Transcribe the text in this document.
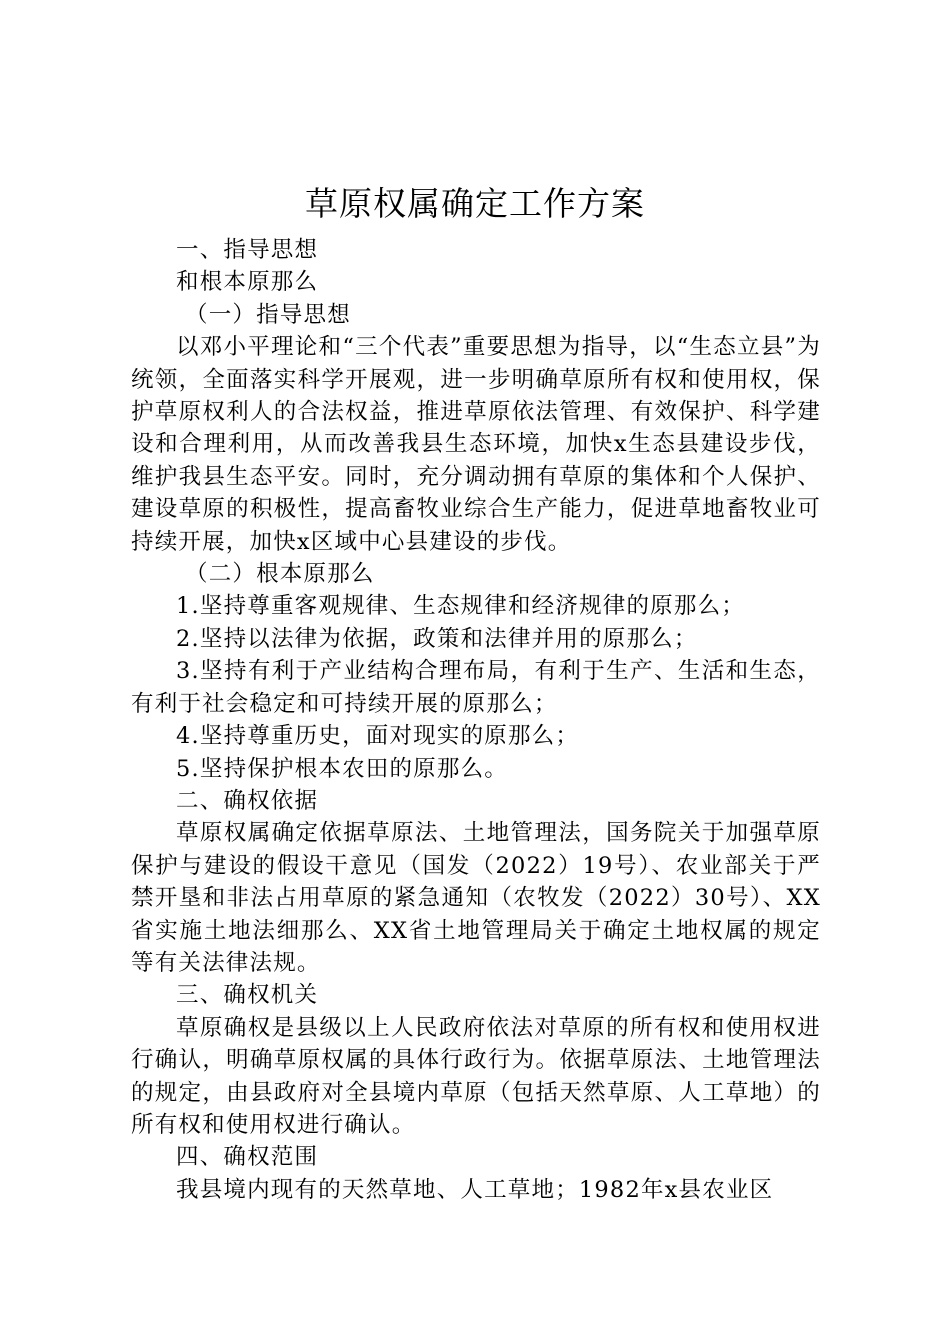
草原权属确定工作方案

一、指导思想

和根本原那么

（一）指导思想

以邓小平理论和“三个代表”重要思想为指导，以“生态立县”为统领，全面落实科学开展观，进一步明确草原所有权和使用权，保护草原权利人的合法权益，推进草原依法管理、有效保护、科学建设和合理利用，从而改善我县生态环境，加快x生态县建设步伐，维护我县生态平安。同时，充分调动拥有草原的集体和个人保护、建设草原的积极性，提高畜牧业综合生产能力，促进草地畜牧业可持续开展，加快x区域中心县建设的步伐。

（二）根本原那么

1.坚持尊重客观规律、生态规律和经济规律的原那么；

2.坚持以法律为依据，政策和法律并用的原那么；

3.坚持有利于产业结构合理布局，有利于生产、生活和生态，有利于社会稳定和可持续开展的原那么；

4.坚持尊重历史，面对现实的原那么；

5.坚持保护根本农田的原那么。

二、确权依据

草原权属确定依据草原法、土地管理法，国务院关于加强草原保护与建设的假设干意见（国发（2022）19号）、农业部关于严禁开垦和非法占用草原的紧急通知（农牧发（2022）30号）、XX省实施土地法细那么、XX省土地管理局关于确定土地权属的规定等有关法律法规。

三、确权机关

草原确权是县级以上人民政府依法对草原的所有权和使用权进行确认，明确草原权属的具体行政行为。依据草原法、土地管理法的规定，由县政府对全县境内草原（包括天然草原、人工草地）的所有权和使用权进行确认。

四、确权范围

我县境内现有的天然草地、人工草地；1982年x县农业区
